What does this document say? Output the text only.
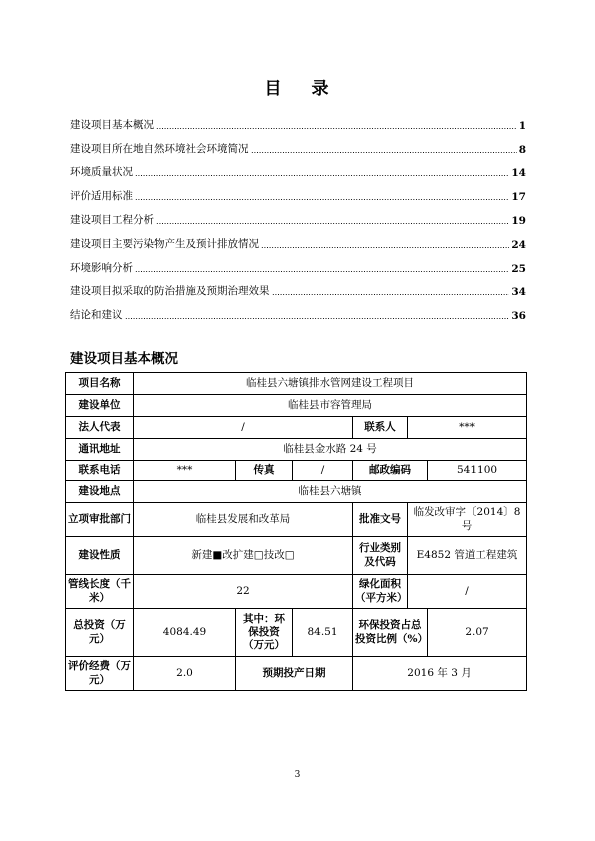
目 录
建设项目基本概况	1
建设项目所在地自然环境社会环境简况	8
环境质量状况	14
评价适用标准	17
建设项目工程分析	19
建设项目主要污染物产生及预计排放情况	24
环境影响分析	25
建设项目拟采取的防治措施及预期治理效果	34
结论和建议	36
建设项目基本概况
项目名称	临桂县六塘镇排水管网建设工程项目					
建设单位	临桂县市容管理局					
法人代表	/			联系人	***	
通讯地址	临桂县金水路 24 号					
联系电话	***	传真	/	邮政编码		541100
建设地点	临桂县六塘镇					
立项审批部门	临桂县发展和改革局			批准文号	临发改审字〔2014〕8 号	
建设性质	新建■改扩建□技改□			行业类别及代码	E4852 管道工程建筑	
管线长度（千米）	22			绿化面积（平方米）	/	
总投资（万元）	4084.49	其中：环保投资（万元）	84.51	环保投资占总投资比例（%）		2.07
评价经费（万元）	2.0	预期投产日期		2016 年 3 月		
3
